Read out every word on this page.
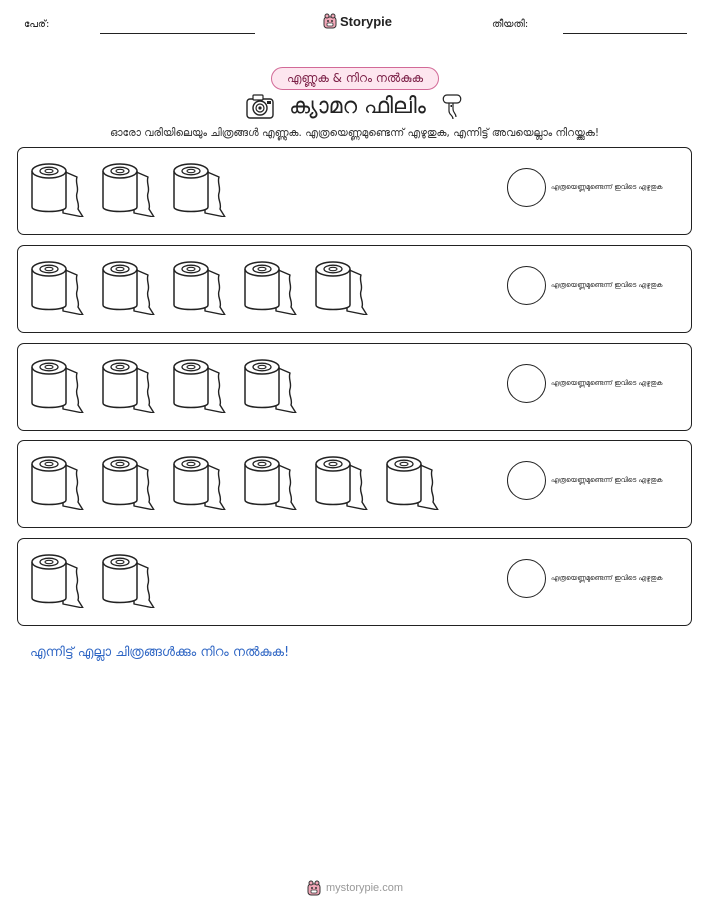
പേര്:	Storypie	തീയതി:
എണ്ണുക & നിറം നൽകുക
ക്യാമറ ഫിലിം
ഓരോ വരിയിലെയും ചിത്രങ്ങൾ എണ്ണുക. എത്രയെണ്ണമുണ്ടെന്ന് എഴുതുക, എന്നിട്ട് അവയെല്ലാം നിറയ്ക്കുക!
എത്രയെണ്ണമുണ്ടെന്ന് ഇവിടെ എഴുതുക
എത്രയെണ്ണമുണ്ടെന്ന് ഇവിടെ എഴുതുക
എത്രയെണ്ണമുണ്ടെന്ന് ഇവിടെ എഴുതുക
എത്രയെണ്ണമുണ്ടെന്ന് ഇവിടെ എഴുതുക
എത്രയെണ്ണമുണ്ടെന്ന് ഇവിടെ എഴുതുക
എന്നിട്ട് എല്ലാ ചിത്രങ്ങൾക്കും നിറം നൽകുക!
mystorypie.com
